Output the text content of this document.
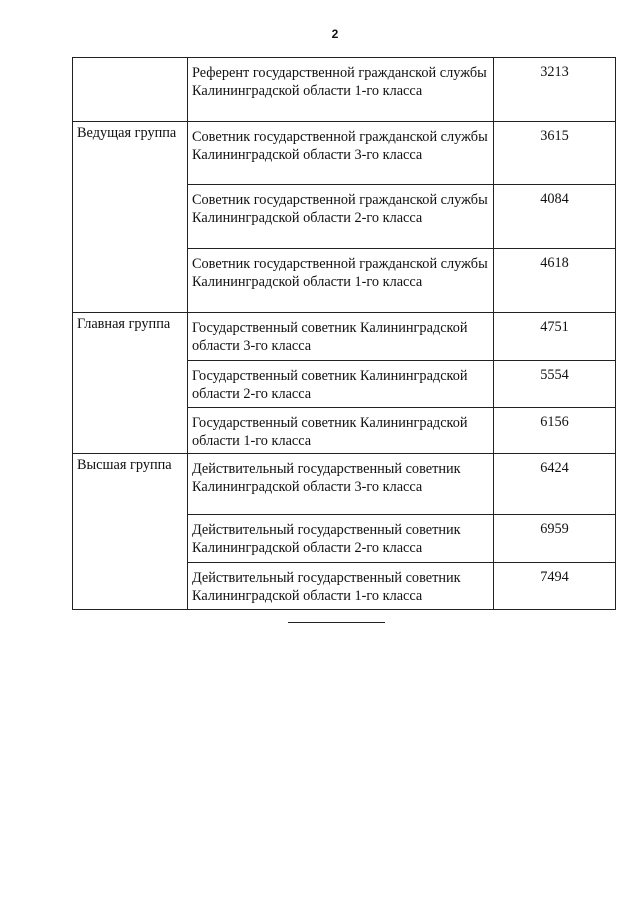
2
	Референт государственной гражданской службы Калининградской области 1-го класса	3213
Ведущая группа	Советник государственной гражданской службы Калининградской области 3-го класса	3615
	Советник государственной гражданской службы Калининградской области 2-го класса	4084
	Советник государственной гражданской службы Калининградской области 1-го класса	4618
Главная группа	Государственный советник Калининградской области 3-го класса	4751
	Государственный советник Калининградской области 2-го класса	5554
	Государственный советник Калининградской области 1-го класса	6156
Высшая группа	Действительный государственный советник Калининградской области 3-го класса	6424
	Действительный государственный советник Калининградской области 2-го класса	6959
	Действительный государственный советник Калининградской области 1-го класса	7494
